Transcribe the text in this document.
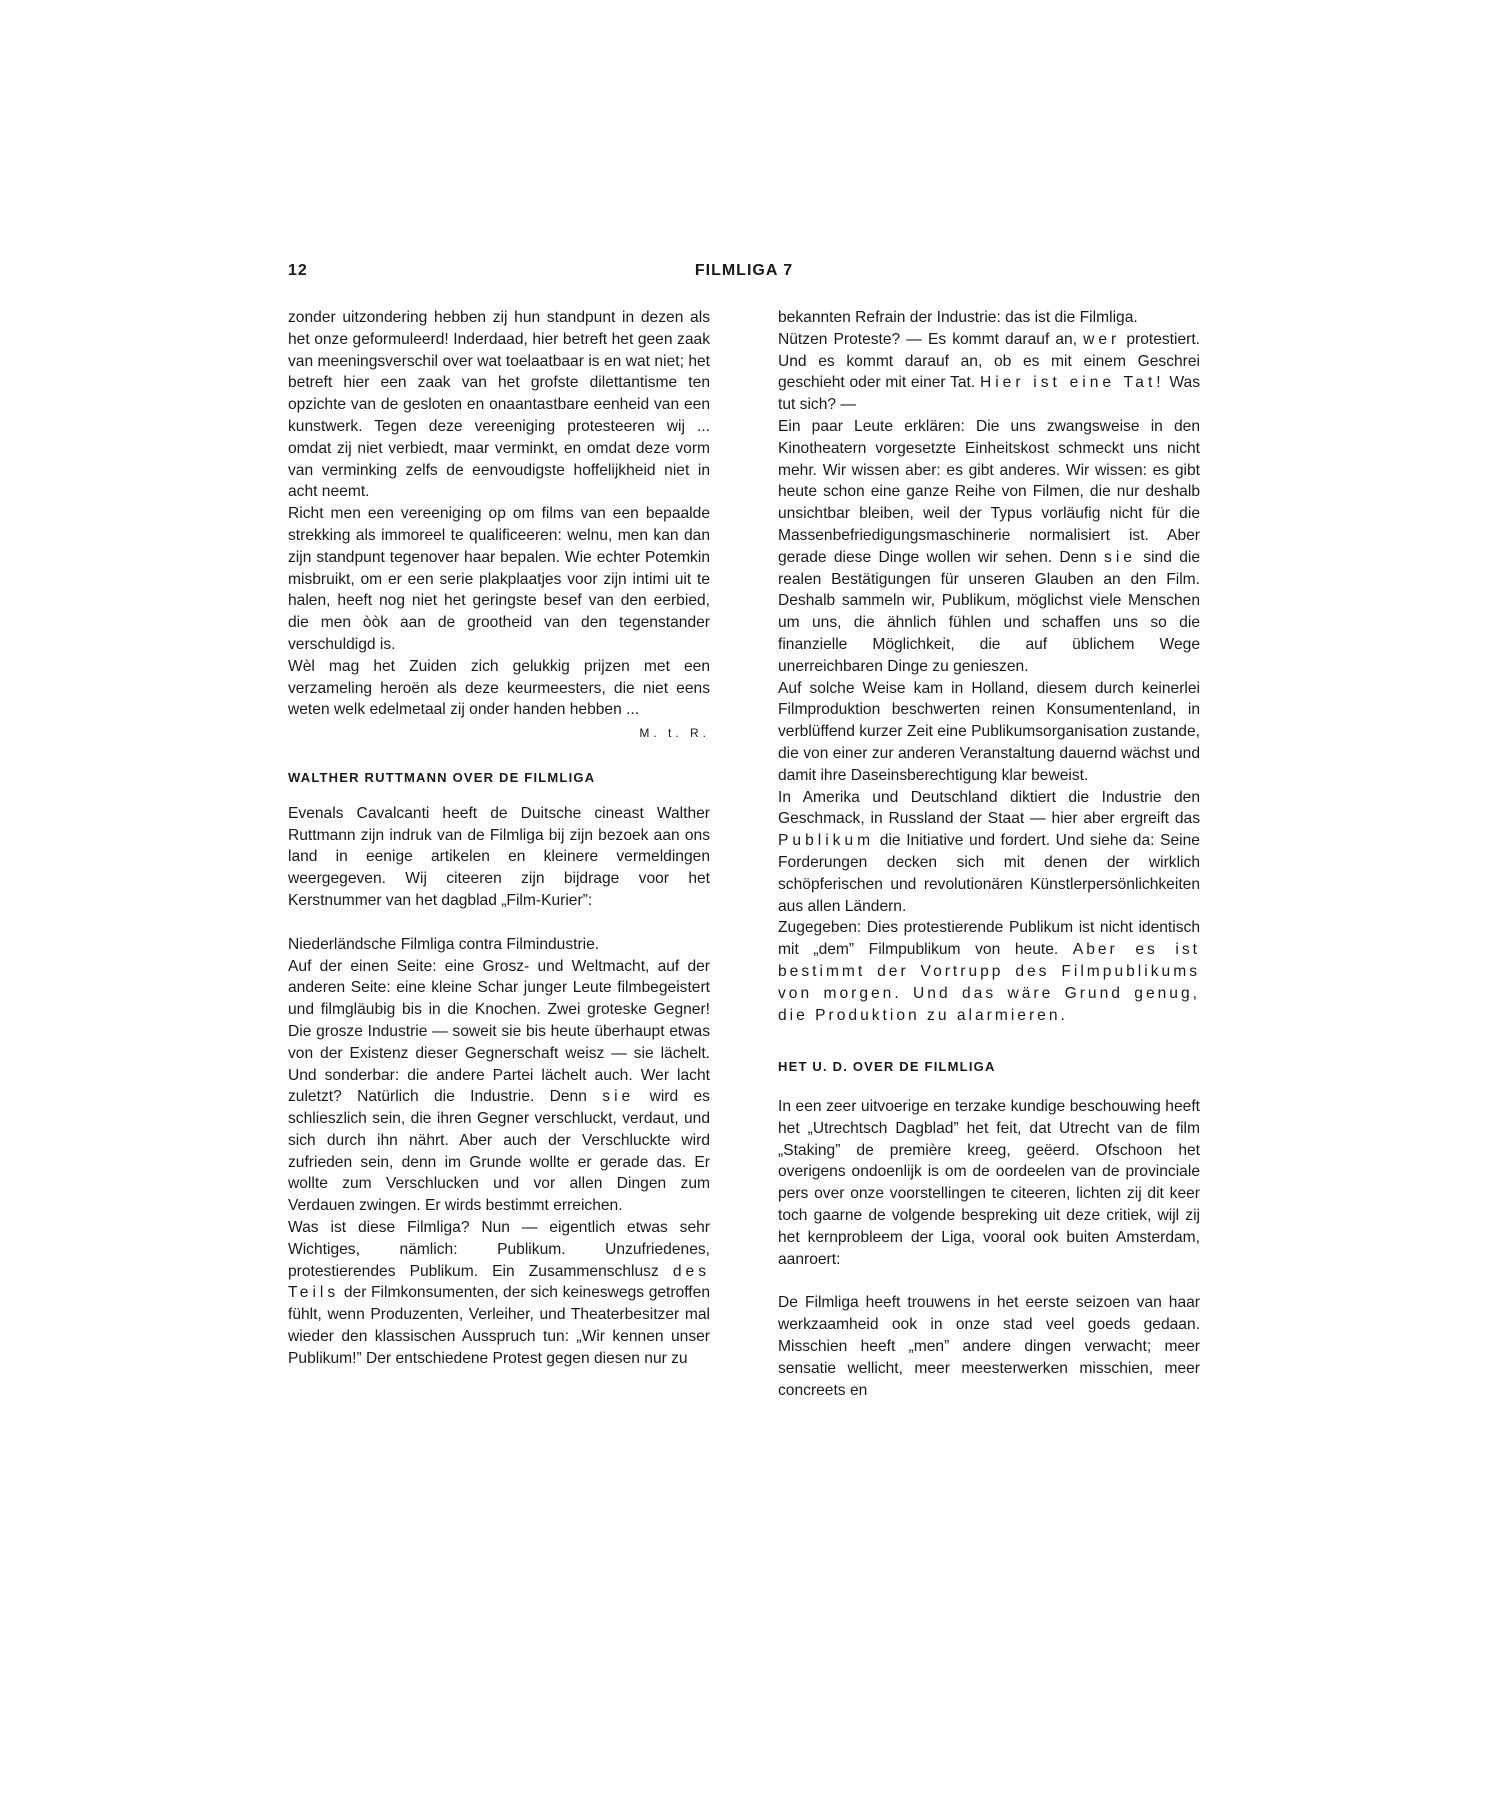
12	FILMLIGA 7

zonder uitzondering hebben zij hun standpunt in dezen als het onze geformuleerd! Inderdaad, hier betreft het geen zaak van meeningsverschil over wat toelaatbaar is en wat niet; het betreft hier een zaak van het grofste dilettantisme ten opzichte van de gesloten en onaantastbare eenheid van een kunstwerk. Tegen deze vereeniging protesteeren wij ... omdat zij niet verbiedt, maar verminkt, en omdat deze vorm van verminking zelfs de eenvoudigste hoffelijkheid niet in acht neemt.

Richt men een vereeniging op om films van een bepaalde strekking als immoreel te qualificeeren: welnu, men kan dan zijn standpunt tegenover haar bepalen. Wie echter Potemkin misbruikt, om er een serie plakplaatjes voor zijn intimi uit te halen, heeft nog niet het geringste besef van den eerbied, die men òòk aan de grootheid van den tegenstander verschuldigd is.

Wèl mag het Zuiden zich gelukkig prijzen met een verzameling heroën als deze keurmeesters, die niet eens weten welk edelmetaal zij onder handen hebben ...

M. t. R.
WALTHER RUTTMANN OVER DE FILMLIGA

Evenals Cavalcanti heeft de Duitsche cineast Walther Ruttmann zijn indruk van de Filmliga bij zijn bezoek aan ons land in eenige artikelen en kleinere vermeldingen weergegeven. Wij citeeren zijn bijdrage voor het Kerstnummer van het dagblad „Film-Kurier”:

Niederländsche Filmliga contra Filmindustrie.

Auf der einen Seite: eine Grosz- und Weltmacht, auf der anderen Seite: eine kleine Schar junger Leute filmbegeistert und filmgläubig bis in die Knochen. Zwei groteske Gegner! Die grosze Industrie — soweit sie bis heute überhaupt etwas von der Existenz dieser Gegnerschaft weisz — sie lächelt. Und sonderbar: die andere Partei lächelt auch. Wer lacht zuletzt? Natürlich die Industrie. Denn sie wird es schlieszlich sein, die ihren Gegner verschluckt, verdaut, und sich durch ihn nährt. Aber auch der Verschluckte wird zufrieden sein, denn im Grunde wollte er gerade das. Er wollte zum Verschlucken und vor allen Dingen zum Verdauen zwingen. Er wirds bestimmt erreichen.

Was ist diese Filmliga? Nun — eigentlich etwas sehr Wichtiges, nämlich: Publikum. Unzufriedenes, protestierendes Publikum. Ein Zusammenschlusz des Teils der Filmkonsumenten, der sich keineswegs getroffen fühlt, wenn Produzenten, Verleiher, und Theaterbesitzer mal wieder den klassischen Ausspruch tun: „Wir kennen unser Publikum!” Der entschiedene Protest gegen diesen nur zu

bekannten Refrain der Industrie: das ist die Filmliga.

Nützen Proteste? — Es kommt darauf an, wer protestiert. Und es kommt darauf an, ob es mit einem Geschrei geschieht oder mit einer Tat. Hier ist eine Tat! Was tut sich? —

Ein paar Leute erklären: Die uns zwangsweise in den Kinotheatern vorgesetzte Einheitskost schmeckt uns nicht mehr. Wir wissen aber: es gibt anderes. Wir wissen: es gibt heute schon eine ganze Reihe von Filmen, die nur deshalb unsichtbar bleiben, weil der Typus vorläufig nicht für die Massenbefriedigungsmaschinerie normalisiert ist. Aber gerade diese Dinge wollen wir sehen. Denn sie sind die realen Bestätigungen für unseren Glauben an den Film. Deshalb sammeln wir, Publikum, möglichst viele Menschen um uns, die ähnlich fühlen und schaffen uns so die finanzielle Möglichkeit, die auf üblichem Wege unerreichbaren Dinge zu genieszen.

Auf solche Weise kam in Holland, diesem durch keinerlei Filmproduktion beschwerten reinen Konsumentenland, in verblüffend kurzer Zeit eine Publikumsorganisation zustande, die von einer zur anderen Veranstaltung dauernd wächst und damit ihre Daseinsberechtigung klar beweist.

In Amerika und Deutschland diktiert die Industrie den Geschmack, in Russland der Staat — hier aber ergreift das Publikum die Initiative und fordert. Und siehe da: Seine Forderungen decken sich mit denen der wirklich schöpferischen und revolutionären Künstlerpersönlichkeiten aus allen Ländern.

Zugegeben: Dies protestierende Publikum ist nicht identisch mit „dem” Filmpublikum von heute. Aber es ist bestimmt der Vortrupp des Filmpublikums von morgen. Und das wäre Grund genug, die Produktion zu alarmieren.

HET U. D. OVER DE FILMLIGA

In een zeer uitvoerige en terzake kundige beschouwing heeft het „Utrechtsch Dagblad” het feit, dat Utrecht van de film „Staking” de première kreeg, geëerd. Ofschoon het overigens ondoenlijk is om de oordeelen van de provinciale pers over onze voorstellingen te citeeren, lichten zij dit keer toch gaarne de volgende bespreking uit deze critiek, wijl zij het kernprobleem der Liga, vooral ook buiten Amsterdam, aanroert:

De Filmliga heeft trouwens in het eerste seizoen van haar werkzaamheid ook in onze stad veel goeds gedaan. Misschien heeft „men” andere dingen verwacht; meer sensatie wellicht, meer meesterwerken misschien, meer concreets en
